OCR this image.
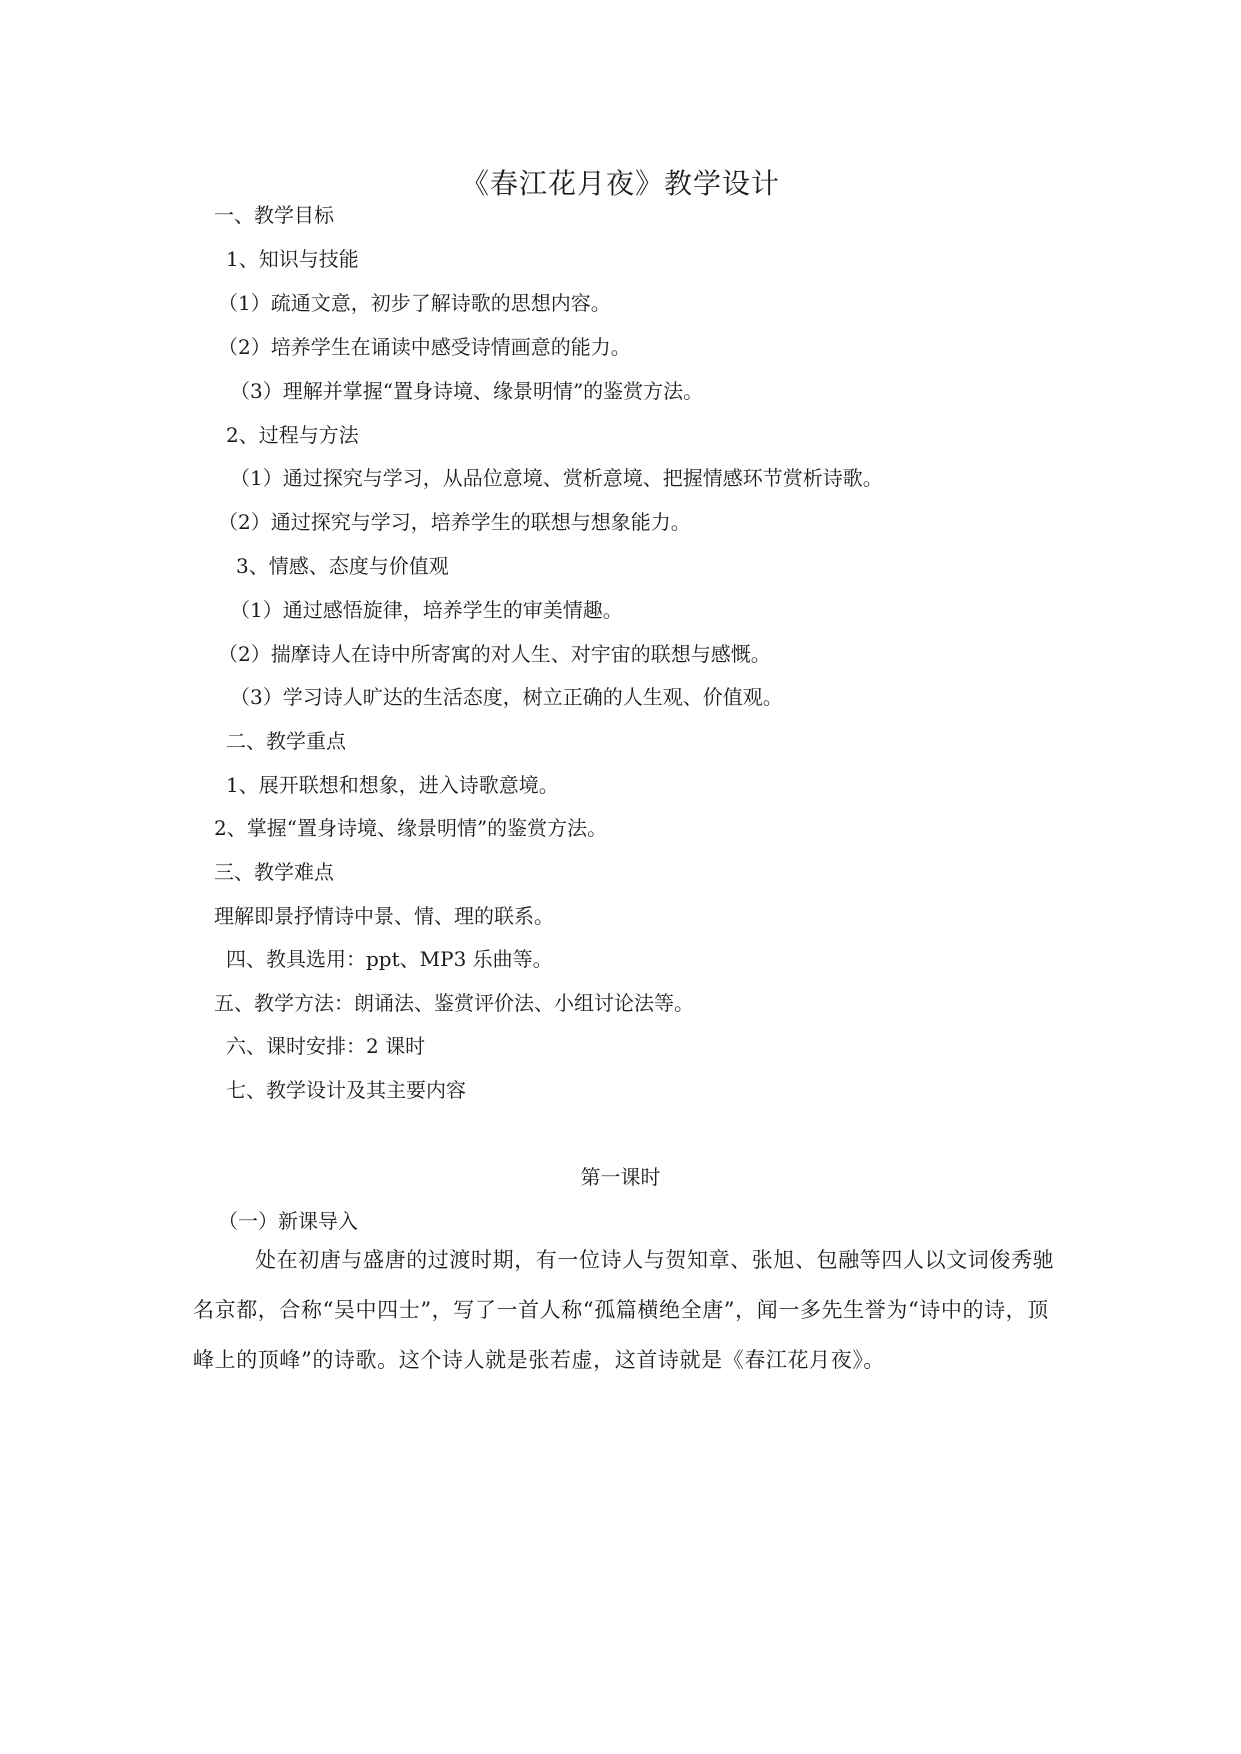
《春江花月夜》教学设计
一、教学目标
1、知识与技能
（1）疏通文意，初步了解诗歌的思想内容。
（2）培养学生在诵读中感受诗情画意的能力。
（3）理解并掌握“置身诗境、缘景明情”的鉴赏方法。
2、过程与方法
（1）通过探究与学习，从品位意境、赏析意境、把握情感环节赏析诗歌。
（2）通过探究与学习，培养学生的联想与想象能力。
3、情感、态度与价值观
（1）通过感悟旋律，培养学生的审美情趣。
（2）揣摩诗人在诗中所寄寓的对人生、对宇宙的联想与感慨。
（3）学习诗人旷达的生活态度，树立正确的人生观、价值观。
二、教学重点
1、展开联想和想象，进入诗歌意境。
2、掌握“置身诗境、缘景明情”的鉴赏方法。
三、教学难点
理解即景抒情诗中景、情、理的联系。
四、教具选用：ppt、MP3 乐曲等。
五、教学方法：朗诵法、鉴赏评价法、小组讨论法等。
六、课时安排：2 课时
七、教学设计及其主要内容
第一课时
（一）新课导入
处在初唐与盛唐的过渡时期，有一位诗人与贺知章、张旭、包融等四人以文词俊秀驰名京都，合称“吴中四士”，写了一首人称“孤篇横绝全唐”，闻一多先生誉为“诗中的诗，顶峰上的顶峰”的诗歌。这个诗人就是张若虚，这首诗就是《春江花月夜》。
